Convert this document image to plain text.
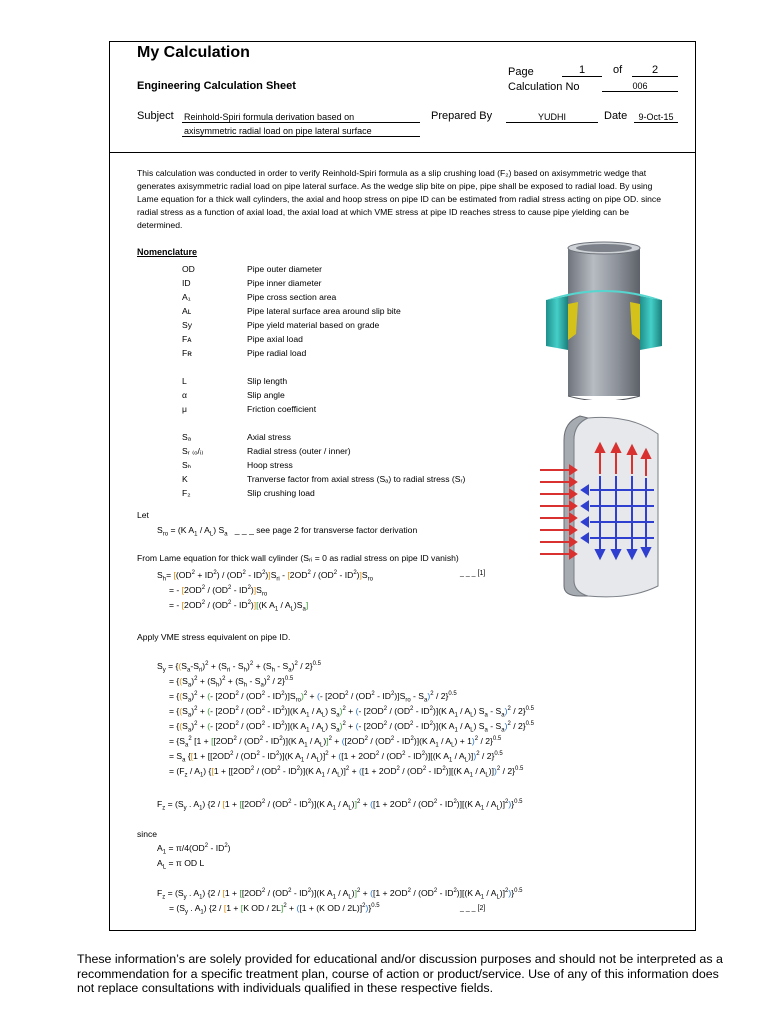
My Calculation
Engineering Calculation Sheet
Page	1	of	2
Calculation No	006
Subject Reinhold-Spiri formula derivation based on
axisymmetric radial load on pipe lateral surface
Prepared By	YUDHI	Date	9-Oct-15
This calculation was conducted in order to verify Reinhold-Spiri formula as a slip crushing load (F₂) based on axisymmetric wedge that generates axisymmetric radial load on pipe lateral surface. As the wedge slip bite on pipe, pipe shall be exposed to radial load. By using Lame equation for a thick wall cylinders, the axial and hoop stress on pipe ID can be estimated from radial stress acting on pipe OD. since radial stress as a function of axial load, the axial load at which VME stress at pipe ID reaches stress to cause pipe yielding can be determined.
Nomenclature
OD	Pipe outer diameter
ID	Pipe inner diameter
A₁	Pipe cross section area
Aʟ	Pipe lateral surface area around slip bite
Sy	Pipe yield material based on grade
Fᴀ	Pipe axial load
Fʀ	Pipe radial load
L	Slip length
α	Slip angle
μ	Friction coefficient
Sₐ	Axial stress
Sᵣ ₍ₒ/ᵢ₎	Radial stress (outer / inner)
Sₕ	Hoop stress
K	Tranverse factor from axial stress (Sₐ) to radial stress (Sᵣ)
F₂	Slip crushing load
Let
$S_{ro} = (K$ $A_1 / A_L$) $S_a$ _ _ _ see page 2 for transverse factor derivation
From Lame equation for thick wall cylinder (Sᵣᵢ = 0 as radial stress on pipe ID vanish)
$S_h= [(OD^2 + ID^2) / (OD^2 - ID^2)]S_{ri} - [2OD^2 / (OD^2 - ID^2)]S_{ro}$
_ _ _ [1]
= - $[2OD^2 / (OD^2 - ID^2)]S_{ro}$
= - $[2OD^2 / (OD^2 - ID^2)][(K$ $A_1 / A_L)S_a$]
Apply VME stress equivalent on pipe ID.
$S_y = \{(S_a-S_{ri})^2 + (S_{ri} - S_h)^2 + (S_h - S_a)^2 / 2\}^{0.5}$
= $\{(S_a)^2 + (S_h)^2 + (S_h - S_a)^2 / 2\}^{0.5}$
= {$(S_a)^2$ + (- $[2OD^2 / (OD^2 - ID^2)]S_{ro})^2$ + (- $[2OD^2 / (OD^2 - ID^2)]S_{ro} - S_a)^2 / 2\}^{0.5}$
= {$(S_a)^2$ + (- $[2OD^2 / (OD^2 - ID^2)](K$ $A_1 / A_L$) $S_a)^2$ + (- $[2OD^2 / (OD^2 - ID^2)](K$ $A_1 / A_L$) $S_a - S_a)^2 / 2\}^{0.5}$
= {$(S_a)^2$ + (- $[2OD^2 / (OD^2 - ID^2)](K$ $A_1 / A_L$) $S_a)^2$ + (- $[2OD^2 / (OD^2 - ID^2)](K$ $A_1 / A_L$) $S_a - S_a)^2 / 2\}^{0.5}$
= {$S_a^2$ [$1 + [[2OD^2 / (OD^2 - ID^2)](K$ $A_1 / A_L)]^2 + ([2OD^2 / (OD^2 - ID^2)](K$ $A_1 / A_L) + 1)^2 / 2\}^{0.5}$
= $S_a$ {[$1 + [[2OD^2 / (OD^2 - ID^2)](K$ $A_1 / A_L)]^2 + ([1 + 2OD^2 / (OD^2 - ID^2)][(K$ $A_1 / A_L)])^2 / 2\}^{0.5}$
= $(F_z / A_1) \{[1 + [[2OD^2 / (OD^2 - ID^2)](K$ $A_1 / A_L)]^2 + ([1 + 2OD^2 / (OD^2 - ID^2)][(K$ $A_1 / A_L)])^2 / 2\}^{0.5}$
$F_z = (S_y$ . $A_1$) {$2 / [1 + [[2OD^2 / (OD^2 - ID^2)](K$ $A_1 / A_L)]^2 + ([1 + 2OD^2 / (OD^2 - ID^2)][(K$ $A_1 / A_L)]^2)\}^{0.5}$
since
$A_1 = \pi/4(OD^2 - ID^2)$
$A_L = \pi$ OD L
$F_z = (S_y$ . $A_1$) {$2 / [1 + [[2OD^2 / (OD^2 - ID^2)](K$ $A_1 / A_L)]^2 + ([1 + 2OD^2 / (OD^2 - ID^2)][(K$ $A_1 / A_L)]^2)\}^{0.5}$
= ($S_y$ . $A_1$) {2 / [1 + [K OD / 2L]$^2$ + ([1 + (K OD / 2L)]$^2$)}$^{0.5}$	_ _ _ [2]
These information’s are solely provided for educational and/or discussion purposes and should not be interpreted as a recommendation for a specific treatment plan, course of action or product/service. Use of any of this information does not replace consultations with individuals qualified in these respective fields.
